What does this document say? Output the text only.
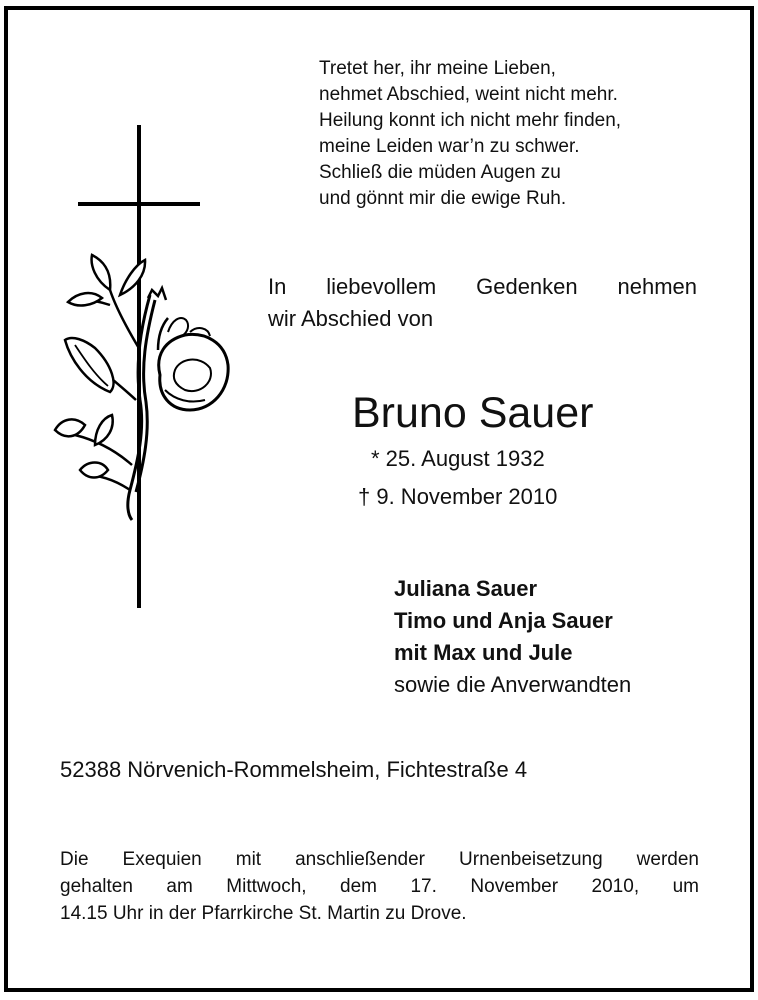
Tretet her, ihr meine Lieben,
nehmet Abschied, weint nicht mehr.
Heilung konnt ich nicht mehr finden,
meine Leiden war’n zu schwer.
Schließ die müden Augen zu
und gönnt mir die ewige Ruh.
In liebevollem Gedenken nehmen
wir Abschied von
Bruno Sauer
* 25. August 1932
† 9. November 2010
Juliana Sauer
Timo und Anja Sauer
mit Max und Jule
sowie die Anverwandten
52388 Nörvenich-Rommelsheim, Fichtestraße 4
Die Exequien mit anschließender Urnenbeisetzung werden
gehalten am Mittwoch, dem 17. November 2010, um
14.15 Uhr in der Pfarrkirche St. Martin zu Drove.
